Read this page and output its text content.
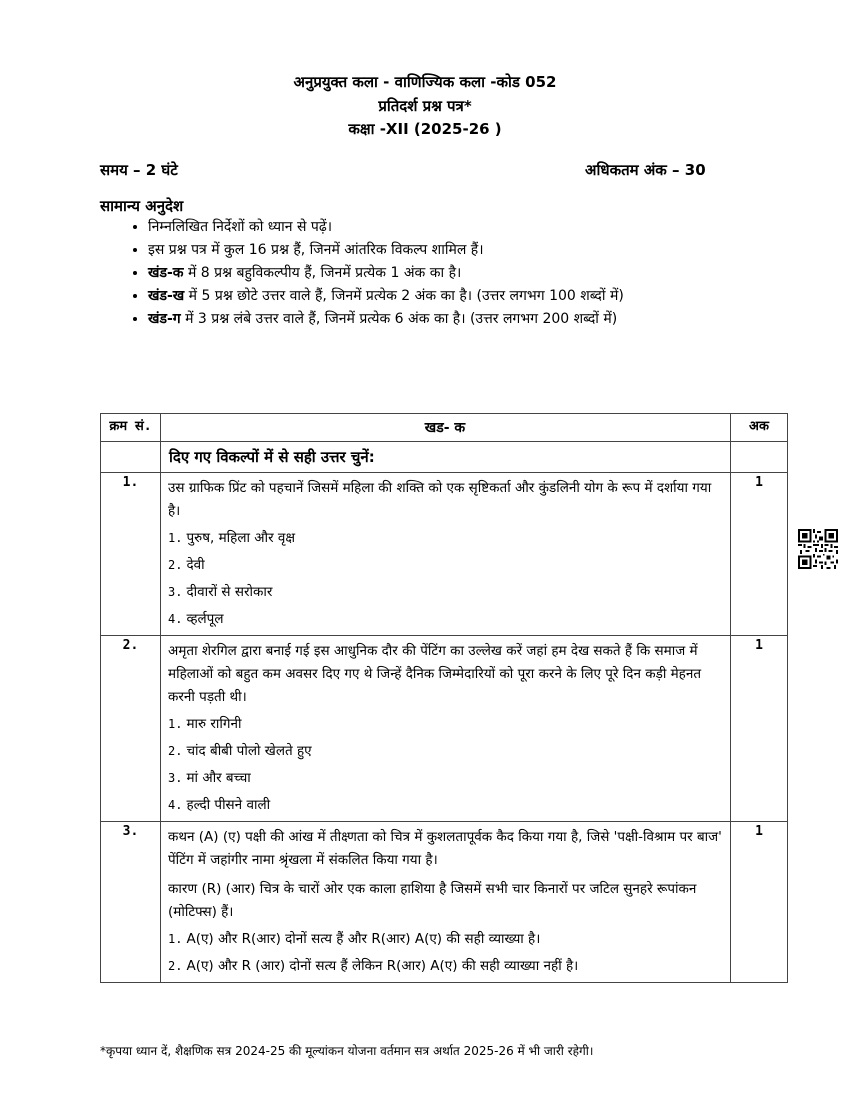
अनुप्रयुक्त कला - वाणिज्यिक कला -कोड 052
प्रतिदर्श प्रश्न पत्र*
कक्षा -XII (2025-26 )
समय – 2 घंटे	अधिकतम अंक – 30
सामान्य अनुदेश
• निम्नलिखित निर्देशों को ध्यान से पढ़ें।
• इस प्रश्न पत्र में कुल 16 प्रश्न हैं, जिनमें आंतरिक विकल्प शामिल हैं।
• खंड-क में 8 प्रश्न बहुविकल्पीय हैं, जिनमें प्रत्येक 1 अंक का है।
• खंड-ख में 5 प्रश्न छोटे उत्तर वाले हैं, जिनमें प्रत्येक 2 अंक का है। (उत्तर लगभग 100 शब्दों में)
• खंड-ग में 3 प्रश्न लंबे उत्तर वाले हैं, जिनमें प्रत्येक 6 अंक का है। (उत्तर लगभग 200 शब्दों में)
क्रम सं.	खड- क	अक
	दिए गए विकल्पों में से सही उत्तर चुनें:	
1.	उस ग्राफिक प्रिंट को पहचानें जिसमें महिला की शक्ति को एक सृष्टिकर्ता और कुंडलिनी योग के रूप में दर्शाया गया है।

1. पुरुष, महिला और वृक्ष

2. देवी

3. दीवारों से सरोकार

4. व्हर्लपूल	1
2.	अमृता शेरगिल द्वारा बनाई गई इस आधुनिक दौर की पेंटिंग का उल्लेख करें जहां हम देख सकते हैं कि समाज में महिलाओं को बहुत कम अवसर दिए गए थे जिन्हें दैनिक जिम्मेदारियों को पूरा करने के लिए पूरे दिन कड़ी मेहनत करनी पड़ती थी।

1. मारु रागिनी

2. चांद बीबी पोलो खेलते हुए

3. मां और बच्चा

4. हल्दी पीसने वाली	1
3.	कथन (A) (ए) पक्षी की आंख में तीक्ष्णता को चित्र में कुशलतापूर्वक कैद किया गया है, जिसे 'पक्षी-विश्राम पर बाज' पेंटिंग में जहांगीर नामा श्रृंखला में संकलित किया गया है।

कारण (R) (आर) चित्र के चारों ओर एक काला हाशिया है जिसमें सभी चार किनारों पर जटिल सुनहरे रूपांकन (मोटिफ्स) हैं।

1. A(ए) और R(आर) दोनों सत्य हैं और R(आर) A(ए) की सही व्याख्या है।

2. A(ए) और R (आर) दोनों सत्य हैं लेकिन R(आर) A(ए) की सही व्याख्या नहीं है।	1
*कृपया ध्यान दें, शैक्षणिक सत्र 2024-25 की मूल्यांकन योजना वर्तमान सत्र अर्थात 2025-26 में भी जारी रहेगी।
